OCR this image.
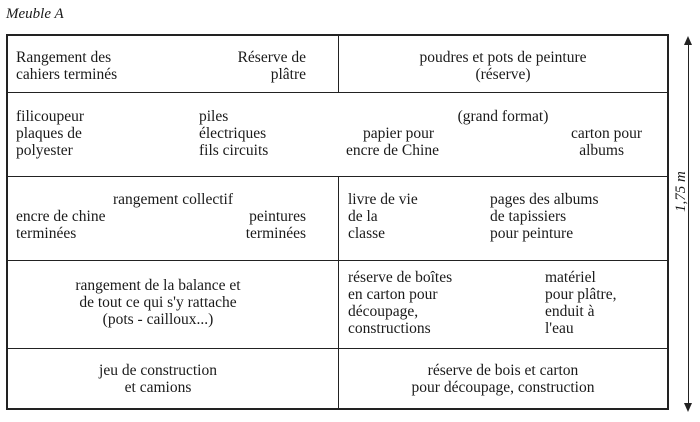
Meuble A
Rangement des
cahiers terminés
Réserve de
plâtre
poudres et pots de peinture
(réserve)
filicoupeur
plaques de
polyester
piles
électriques
fils circuits
(grand format)
papier pour
encre de Chine
carton pour
albums
rangement collectif
encre de chine
terminées
peintures
terminées
livre de vie
de la
classe
pages des albums
de tapissiers
pour peinture
rangement de la balance et
de tout ce qui s'y rattache
(pots - cailloux...)
réserve de boîtes
en carton pour
découpage,
constructions
matériel
pour plâtre,
enduit à
l'eau
jeu de construction
et camions
réserve de bois et carton
pour découpage, construction
1,75 m
